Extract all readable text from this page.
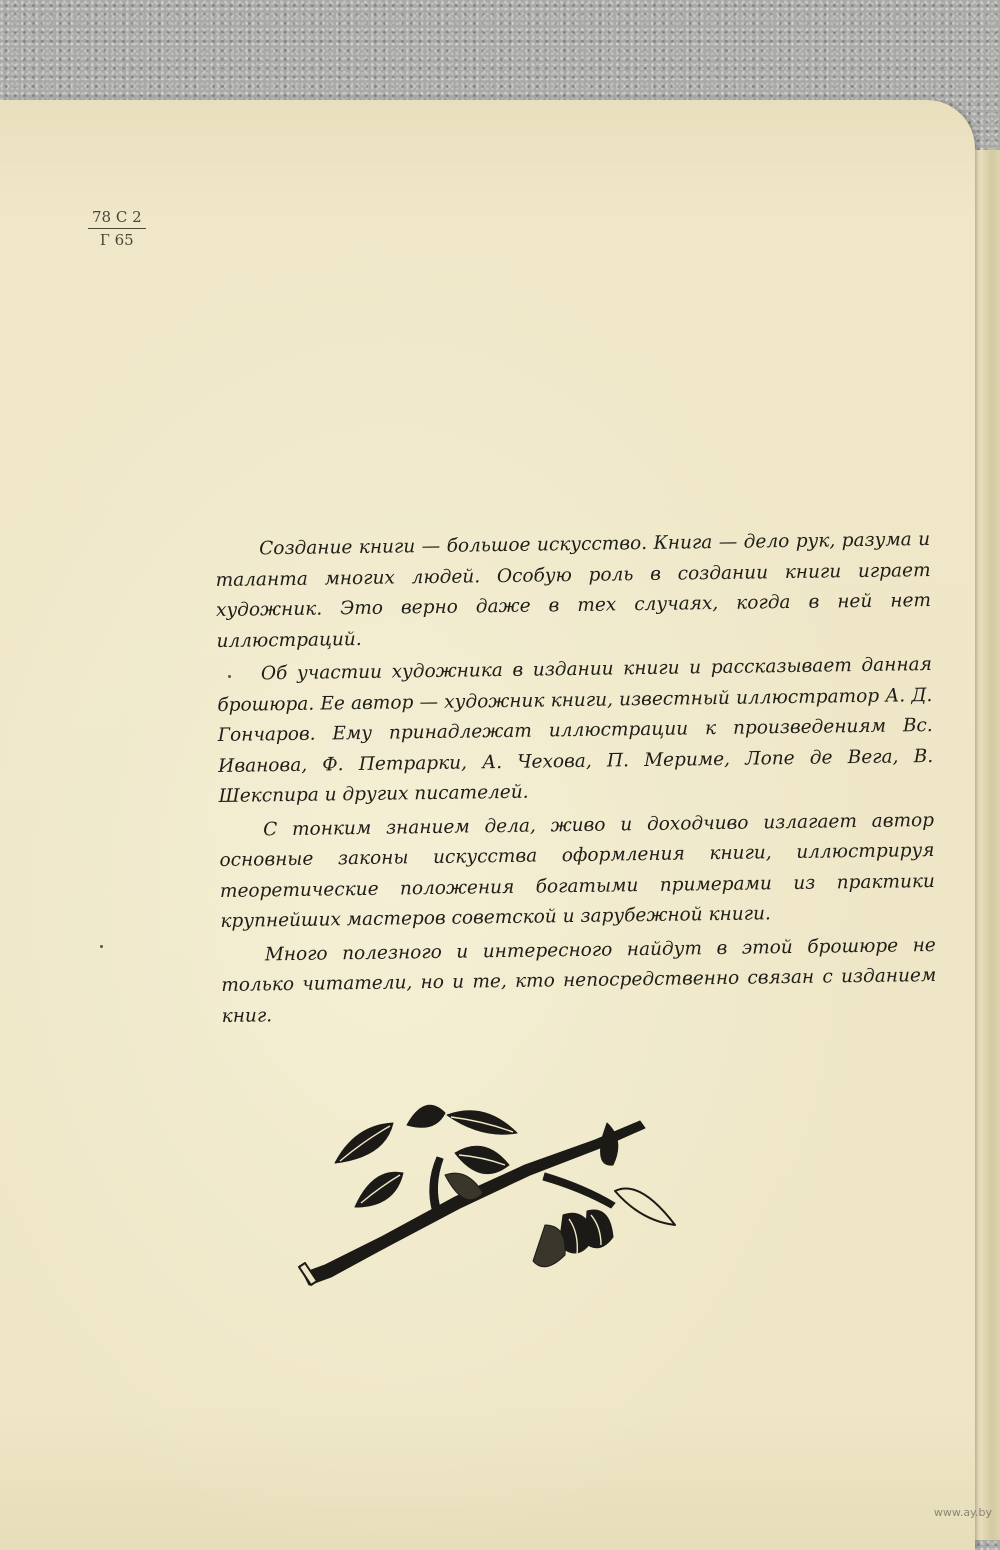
78 С 2
Г 65

Создание книги — большое искусство. Книга — дело рук, разума и таланта многих людей. Особую роль в создании книги играет художник. Это верно даже в тех случаях, когда в ней нет иллюстраций.

Об участии художника в издании книги и рассказывает данная брошюра. Ее автор — художник книги, известный иллюстратор А. Д. Гончаров. Ему принадлежат иллюстрации к произведениям Вс. Иванова, Ф. Петрарки, А. Чехова, П. Мериме, Лопе де Вега, В. Шекспира и других писателей.

С тонким знанием дела, живо и доходчиво излагает автор основные законы искусства оформления книги, иллюстрируя теоретические положения богатыми примерами из практики крупнейших мастеров советской и зарубежной книги.

Много полезного и интересного найдут в этой брошюре не только читатели, но и те, кто непосредственно связан с изданием книг.

www.ay.by
